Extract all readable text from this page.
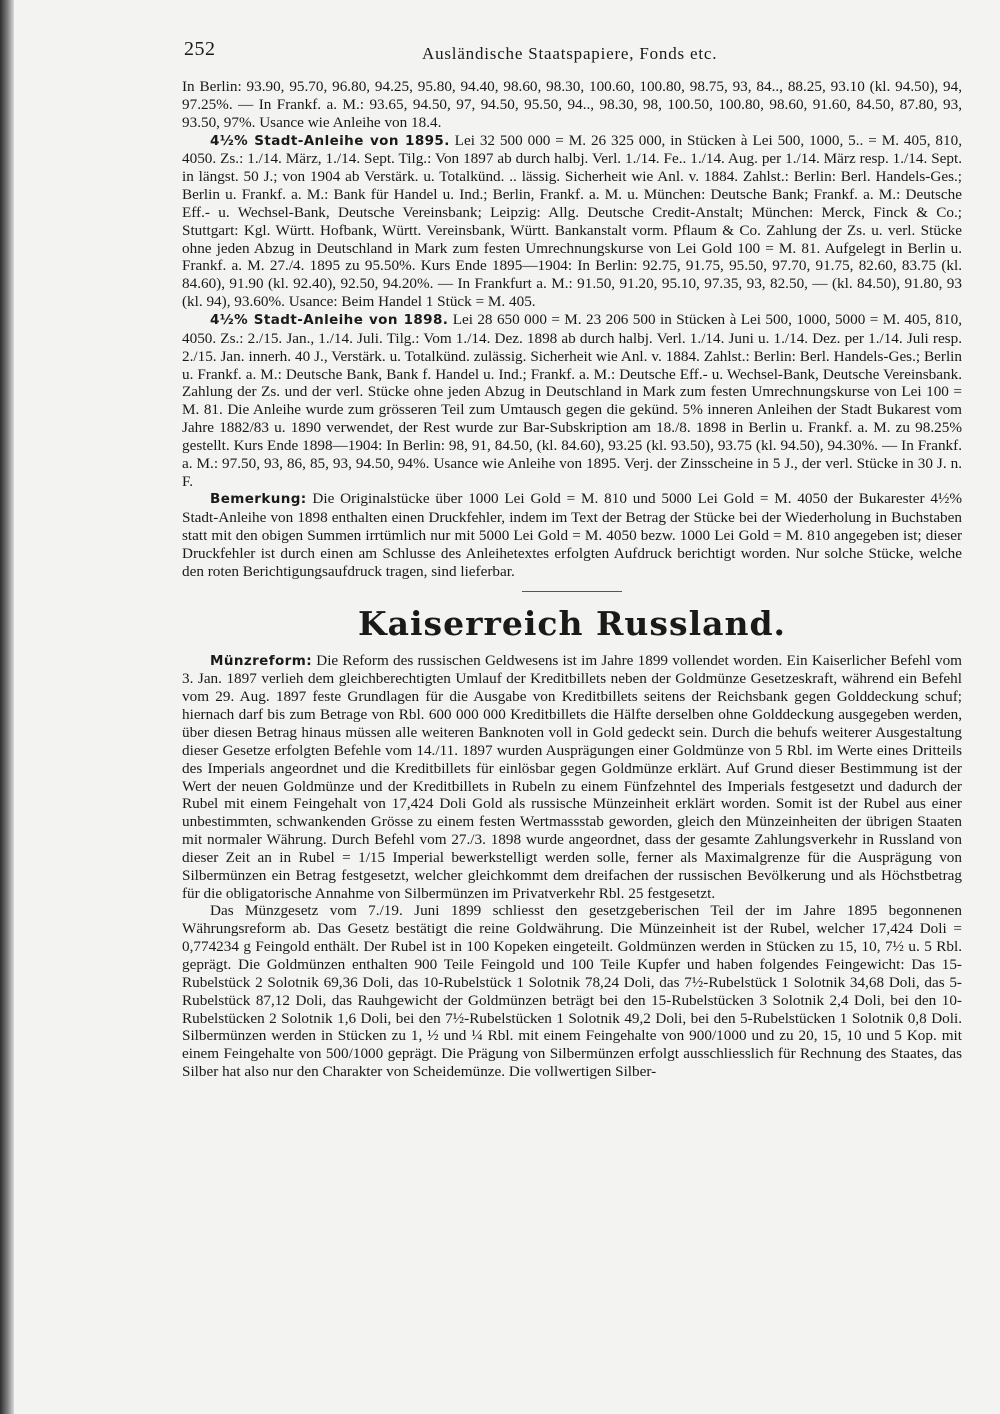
252	Ausländische Staatspapiere, Fonds etc.

In Berlin: 93.90, 95.70, 96.80, 94.25, 95.80, 94.40, 98.60, 98.30, 100.60, 100.80, 98.75, 93, 84.., 88.25, 93.10 (kl. 94.50), 94, 97.25%. — In Frankf. a. M.: 93.65, 94.50, 97, 94.50, 95.50, 94.., 98.30, 98, 100.50, 100.80, 98.60, 91.60, 84.50, 87.80, 93, 93.50, 97%. Usance wie Anleihe von 18.4.

4½% Stadt-Anleihe von 1895. Lei 32 500 000 = M. 26 325 000, in Stücken à Lei 500, 1000, 5.. = M. 405, 810, 4050. Zs.: 1./14. März, 1./14. Sept. Tilg.: Von 1897 ab durch halbj. Verl. 1./14. Fe.. 1./14. Aug. per 1./14. März resp. 1./14. Sept. in längst. 50 J.; von 1904 ab Verstärk. u. Totalkünd. .. lässig. Sicherheit wie Anl. v. 1884. Zahlst.: Berlin: Berl. Handels-Ges.; Berlin u. Frankf. a. M.: Bank für Handel u. Ind.; Berlin, Frankf. a. M. u. München: Deutsche Bank; Frankf. a. M.: Deutsche Eff.- u. Wechsel-Bank, Deutsche Vereinsbank; Leipzig: Allg. Deutsche Credit-Anstalt; München: Merck, Finck & Co.; Stuttgart: Kgl. Württ. Hofbank, Württ. Vereinsbank, Württ. Bankanstalt vorm. Pflaum & Co. Zahlung der Zs. u. verl. Stücke ohne jeden Abzug in Deutschland in Mark zum festen Umrechnungskurse von Lei Gold 100 = M. 81. Aufgelegt in Berlin u. Frankf. a. M. 27./4. 1895 zu 95.50%. Kurs Ende 1895—1904: In Berlin: 92.75, 91.75, 95.50, 97.70, 91.75, 82.60, 83.75 (kl. 84.60), 91.90 (kl. 92.40), 92.50, 94.20%. — In Frankfurt a. M.: 91.50, 91.20, 95.10, 97.35, 93, 82.50, — (kl. 84.50), 91.80, 93 (kl. 94), 93.60%. Usance: Beim Handel 1 Stück = M. 405.

4½% Stadt-Anleihe von 1898. Lei 28 650 000 = M. 23 206 500 in Stücken à Lei 500, 1000, 5000 = M. 405, 810, 4050. Zs.: 2./15. Jan., 1./14. Juli. Tilg.: Vom 1./14. Dez. 1898 ab durch halbj. Verl. 1./14. Juni u. 1./14. Dez. per 1./14. Juli resp. 2./15. Jan. innerh. 40 J., Verstärk. u. Totalkünd. zulässig. Sicherheit wie Anl. v. 1884. Zahlst.: Berlin: Berl. Handels-Ges.; Berlin u. Frankf. a. M.: Deutsche Bank, Bank f. Handel u. Ind.; Frankf. a. M.: Deutsche Eff.- u. Wechsel-Bank, Deutsche Vereinsbank. Zahlung der Zs. und der verl. Stücke ohne jeden Abzug in Deutschland in Mark zum festen Umrechnungskurse von Lei 100 = M. 81. Die Anleihe wurde zum grösseren Teil zum Umtausch gegen die gekünd. 5% inneren Anleihen der Stadt Bukarest vom Jahre 1882/83 u. 1890 verwendet, der Rest wurde zur Bar-Subskription am 18./8. 1898 in Berlin u. Frankf. a. M. zu 98.25% gestellt. Kurs Ende 1898—1904: In Berlin: 98, 91, 84.50, (kl. 84.60), 93.25 (kl. 93.50), 93.75 (kl. 94.50), 94.30%. — In Frankf. a. M.: 97.50, 93, 86, 85, 93, 94.50, 94%. Usance wie Anleihe von 1895. Verj. der Zinsscheine in 5 J., der verl. Stücke in 30 J. n. F.

Bemerkung: Die Originalstücke über 1000 Lei Gold = M. 810 und 5000 Lei Gold = M. 4050 der Bukarester 4½% Stadt-Anleihe von 1898 enthalten einen Druckfehler, indem im Text der Betrag der Stücke bei der Wiederholung in Buchstaben statt mit den obigen Summen irrtümlich nur mit 5000 Lei Gold = M. 4050 bezw. 1000 Lei Gold = M. 810 angegeben ist; dieser Druckfehler ist durch einen am Schlusse des Anleihetextes erfolgten Aufdruck berichtigt worden. Nur solche Stücke, welche den roten Berichtigungsaufdruck tragen, sind lieferbar.

Kaiserreich Russland.

Münzreform: Die Reform des russischen Geldwesens ist im Jahre 1899 vollendet worden. Ein Kaiserlicher Befehl vom 3. Jan. 1897 verlieh dem gleichberechtigten Umlauf der Kreditbillets neben der Goldmünze Gesetzeskraft, während ein Befehl vom 29. Aug. 1897 feste Grundlagen für die Ausgabe von Kreditbillets seitens der Reichsbank gegen Golddeckung schuf; hiernach darf bis zum Betrage von Rbl. 600 000 000 Kreditbillets die Hälfte derselben ohne Golddeckung ausgegeben werden, über diesen Betrag hinaus müssen alle weiteren Banknoten voll in Gold gedeckt sein. Durch die behufs weiterer Ausgestaltung dieser Gesetze erfolgten Befehle vom 14./11. 1897 wurden Ausprägungen einer Goldmünze von 5 Rbl. im Werte eines Dritteils des Imperials angeordnet und die Kreditbillets für einlösbar gegen Goldmünze erklärt. Auf Grund dieser Bestimmung ist der Wert der neuen Goldmünze und der Kreditbillets in Rubeln zu einem Fünfzehntel des Imperials festgesetzt und dadurch der Rubel mit einem Feingehalt von 17,424 Doli Gold als russische Münzeinheit erklärt worden. Somit ist der Rubel aus einer unbestimmten, schwankenden Grösse zu einem festen Wertmassstab geworden, gleich den Münzeinheiten der übrigen Staaten mit normaler Währung. Durch Befehl vom 27./3. 1898 wurde angeordnet, dass der gesamte Zahlungsverkehr in Russland von dieser Zeit an in Rubel = 1/15 Imperial bewerkstelligt werden solle, ferner als Maximalgrenze für die Ausprägung von Silbermünzen ein Betrag festgesetzt, welcher gleichkommt dem dreifachen der russischen Bevölkerung und als Höchstbetrag für die obligatorische Annahme von Silbermünzen im Privatverkehr Rbl. 25 festgesetzt.

Das Münzgesetz vom 7./19. Juni 1899 schliesst den gesetzgeberischen Teil der im Jahre 1895 begonnenen Währungsreform ab. Das Gesetz bestätigt die reine Goldwährung. Die Münzeinheit ist der Rubel, welcher 17,424 Doli = 0,774234 g Feingold enthält. Der Rubel ist in 100 Kopeken eingeteilt. Goldmünzen werden in Stücken zu 15, 10, 7½ u. 5 Rbl. geprägt. Die Goldmünzen enthalten 900 Teile Feingold und 100 Teile Kupfer und haben folgendes Feingewicht: Das 15-Rubelstück 2 Solotnik 69,36 Doli, das 10-Rubelstück 1 Solotnik 78,24 Doli, das 7½-Rubelstück 1 Solotnik 34,68 Doli, das 5-Rubelstück 87,12 Doli, das Rauhgewicht der Goldmünzen beträgt bei den 15-Rubelstücken 3 Solotnik 2,4 Doli, bei den 10-Rubelstücken 2 Solotnik 1,6 Doli, bei den 7½-Rubelstücken 1 Solotnik 49,2 Doli, bei den 5-Rubelstücken 1 Solotnik 0,8 Doli. Silbermünzen werden in Stücken zu 1, ½ und ¼ Rbl. mit einem Feingehalte von 900/1000 und zu 20, 15, 10 und 5 Kop. mit einem Feingehalte von 500/1000 geprägt. Die Prägung von Silbermünzen erfolgt ausschliesslich für Rechnung des Staates, das Silber hat also nur den Charakter von Scheidemünze. Die vollwertigen Silber-
